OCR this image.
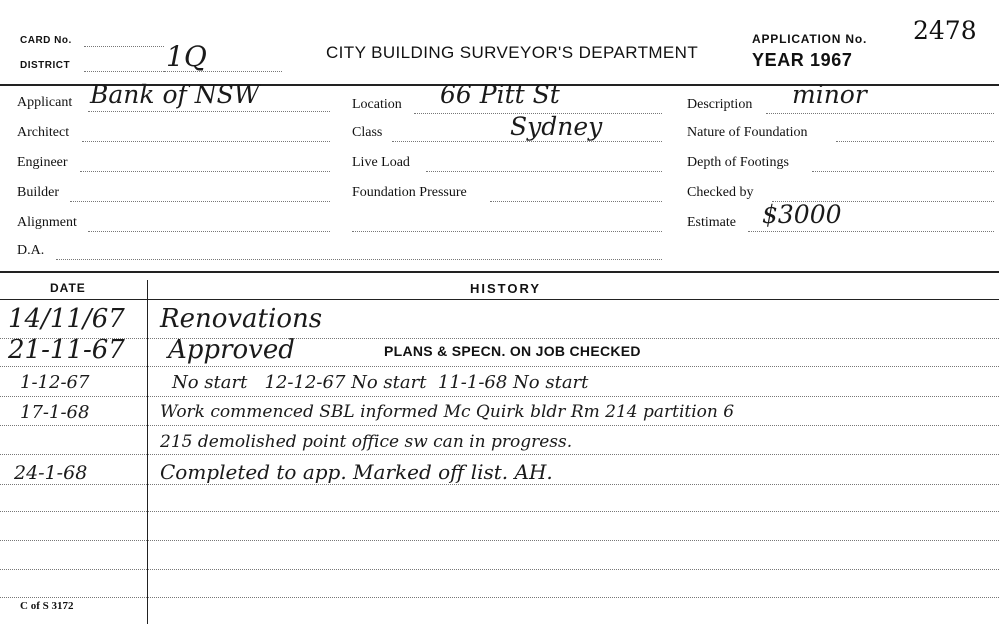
CARD No.
DISTRICT	1Q	CITY BUILDING SURVEYOR'S DEPARTMENT
APPLICATION No. 2478
YEAR 1967
Applicant Bank of NSW
Architect
Engineer
Builder
Alignment
D.A.
Location 66 Pitt St
Class	Sydney
Live Load
Foundation Pressure
Description minor
Nature of Foundation
Depth of Footings
Checked by
Estimate $3000
DATE	HISTORY
14/11/67 Renovations
21-11-67 Approved	PLANS & SPECN. ON JOB CHECKED
1-12-67	No start   12-12-67 No start  11-1-68 No start
17-1-68	Work commenced SBL informed Mc Quirk bldr Rm 214 partition 6
215 demolished point office sw can in progress.
24-1-68	Completed to app. Marked off list. AH.
C of S 3172
